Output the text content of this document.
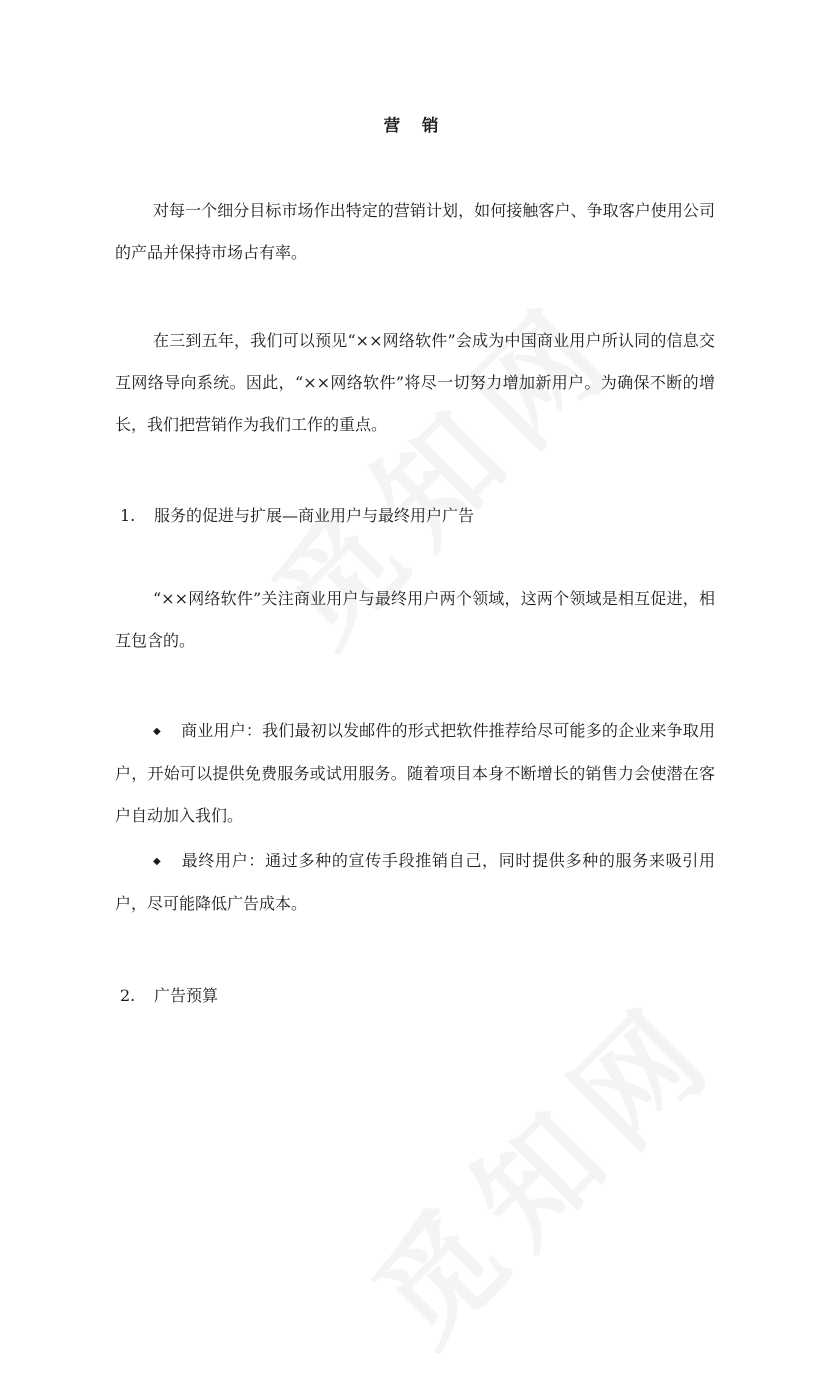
营 销

对每一个细分目标市场作出特定的营销计划，如何接触客户、争取客户使用公司的产品并保持市场占有率。

在三到五年，我们可以预见“××网络软件”会成为中国商业用户所认同的信息交互网络导向系统。因此，“××网络软件”将尽一切努力增加新用户。为确保不断的增长，我们把营销作为我们工作的重点。

1. 服务的促进与扩展—商业用户与最终用户广告

“××网络软件”关注商业用户与最终用户两个领域，这两个领域是相互促进，相互包含的。

◆ 商业用户：我们最初以发邮件的形式把软件推荐给尽可能多的企业来争取用户，开始可以提供免费服务或试用服务。随着项目本身不断增长的销售力会使潜在客户自动加入我们。

◆ 最终用户：通过多种的宣传手段推销自己，同时提供多种的服务来吸引用户，尽可能降低广告成本。

2. 广告预算
